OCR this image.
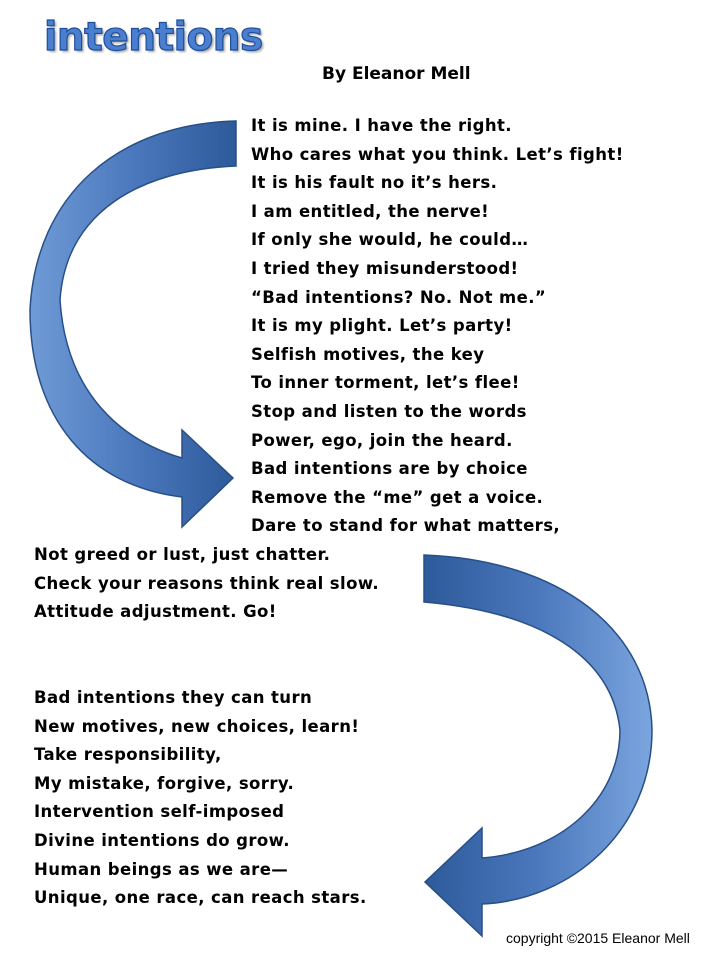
intentions
By Eleanor Mell
It is mine. I have the right.
Who cares what you think. Let’s fight!
It is his fault no it’s hers.
I am entitled, the nerve!
If only she would, he could…
I tried they misunderstood!
“Bad intentions? No. Not me.”
It is my plight. Let’s party!
Selfish motives, the key
To inner torment, let’s flee!
Stop and listen to the words
Power, ego, join the heard.
Bad intentions are by choice
Remove the “me” get a voice.
Dare to stand for what matters,
Not greed or lust, just chatter.
Check your reasons think real slow.
Attitude adjustment. Go!
Bad intentions they can turn
New motives, new choices, learn!
Take responsibility,
My mistake, forgive, sorry.
Intervention self-imposed
Divine intentions do grow.
Human beings as we are—
Unique, one race, can reach stars.
copyright ©2015 Eleanor Mell
